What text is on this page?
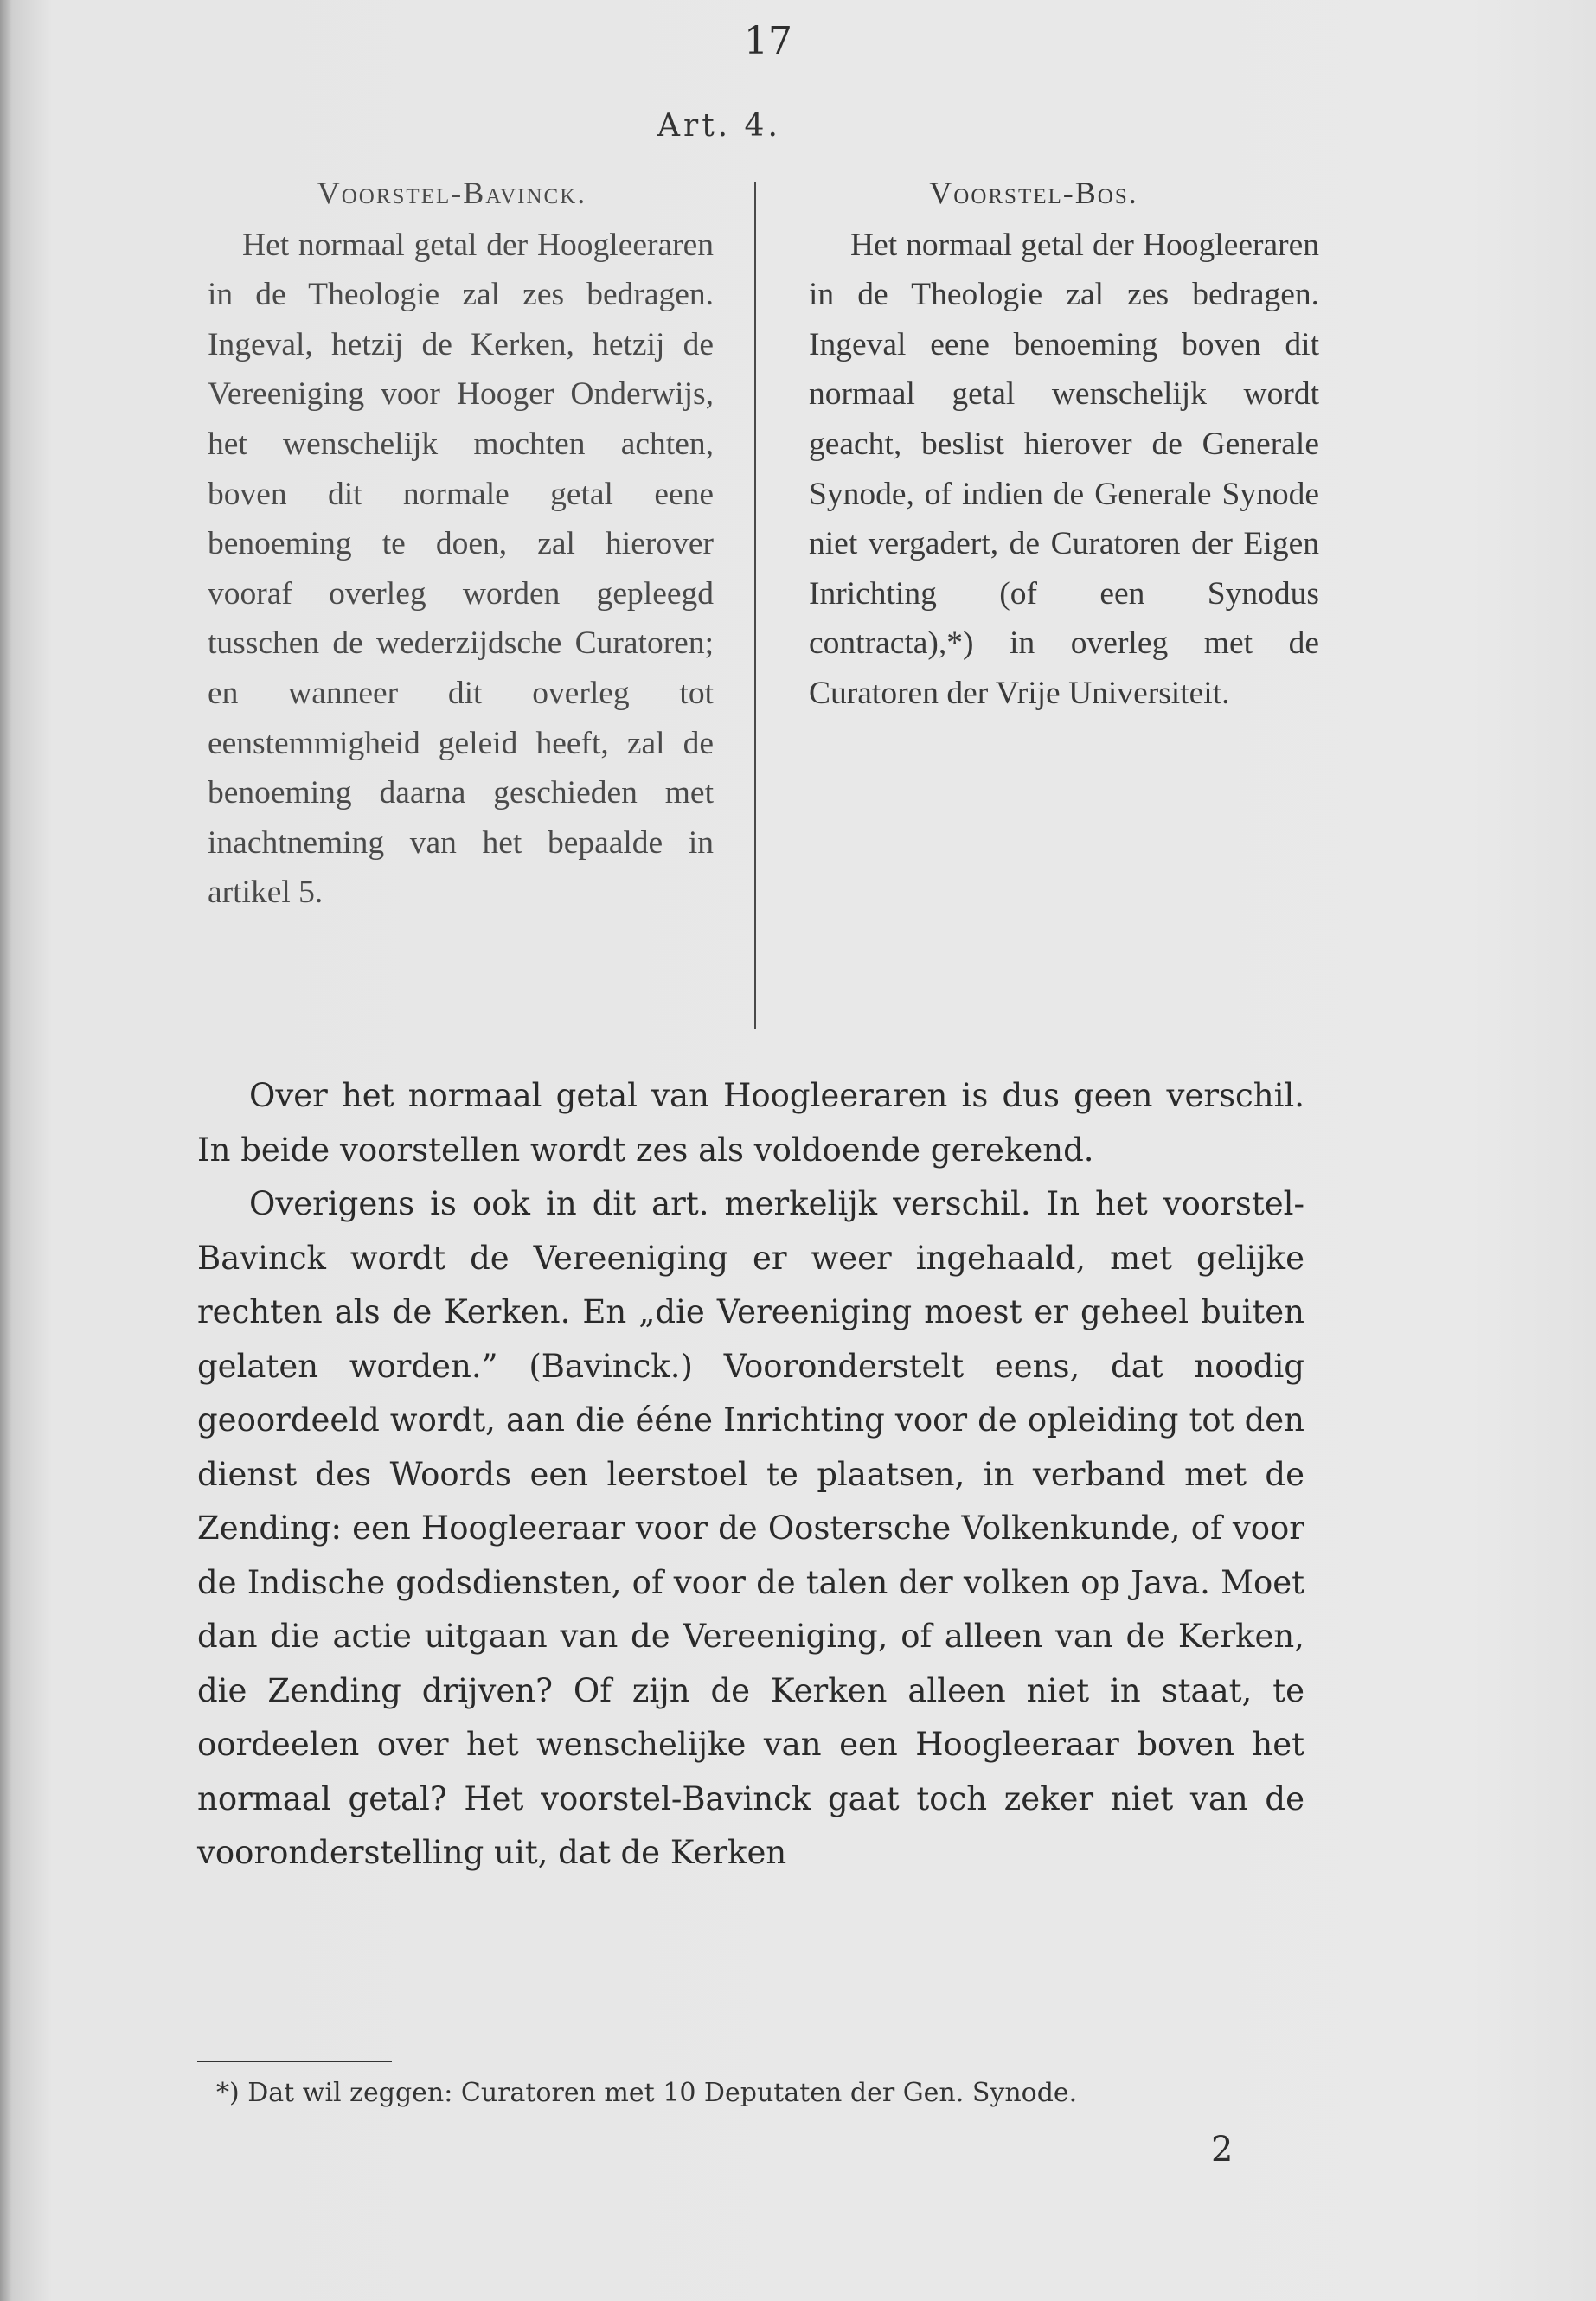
17
Art. 4.
Voorstel-Bavinck.
Het normaal getal der Hoogleeraren in de Theologie zal zes bedragen. Ingeval, hetzij de Kerken, hetzij de Vereeniging voor Hooger Onderwijs, het wenschelijk mochten achten, boven dit normale getal eene benoeming te doen, zal hierover vooraf overleg worden gepleegd tusschen de wederzijdsche Curatoren; en wanneer dit overleg tot eenstemmigheid geleid heeft, zal de benoeming daarna geschieden met inachtneming van het bepaalde in artikel 5.
Voorstel-Bos.
Het normaal getal der Hoogleeraren in de Theologie zal zes bedragen. Ingeval eene benoeming boven dit normaal getal wenschelijk wordt geacht, beslist hierover de Generale Synode, of indien de Generale Synode niet vergadert, de Curatoren der Eigen Inrichting (of een Synodus contracta),*) in overleg met de Curatoren der Vrije Universiteit.

Over het normaal getal van Hoogleeraren is dus geen verschil. In beide voorstellen wordt zes als voldoende gerekend.

Overigens is ook in dit art. merkelijk verschil. In het voorstel-Bavinck wordt de Vereeniging er weer ingehaald, met gelijke rechten als de Kerken. En „die Vereeniging moest er geheel buiten gelaten worden.” (Bavinck.) Vooronderstelt eens, dat noodig geoordeeld wordt, aan die ééne Inrichting voor de opleiding tot den dienst des Woords een leerstoel te plaatsen, in verband met de Zending: een Hoogleeraar voor de Oostersche Volkenkunde, of voor de Indische godsdiensten, of voor de talen der volken op Java. Moet dan die actie uitgaan van de Vereeniging, of alleen van de Kerken, die Zending drijven? Of zijn de Kerken alleen niet in staat, te oordeelen over het wenschelijke van een Hoogleeraar boven het normaal getal? Het voorstel-Bavinck gaat toch zeker niet van de vooronderstelling uit, dat de Kerken

*) Dat wil zeggen: Curatoren met 10 Deputaten der Gen. Synode.
2
